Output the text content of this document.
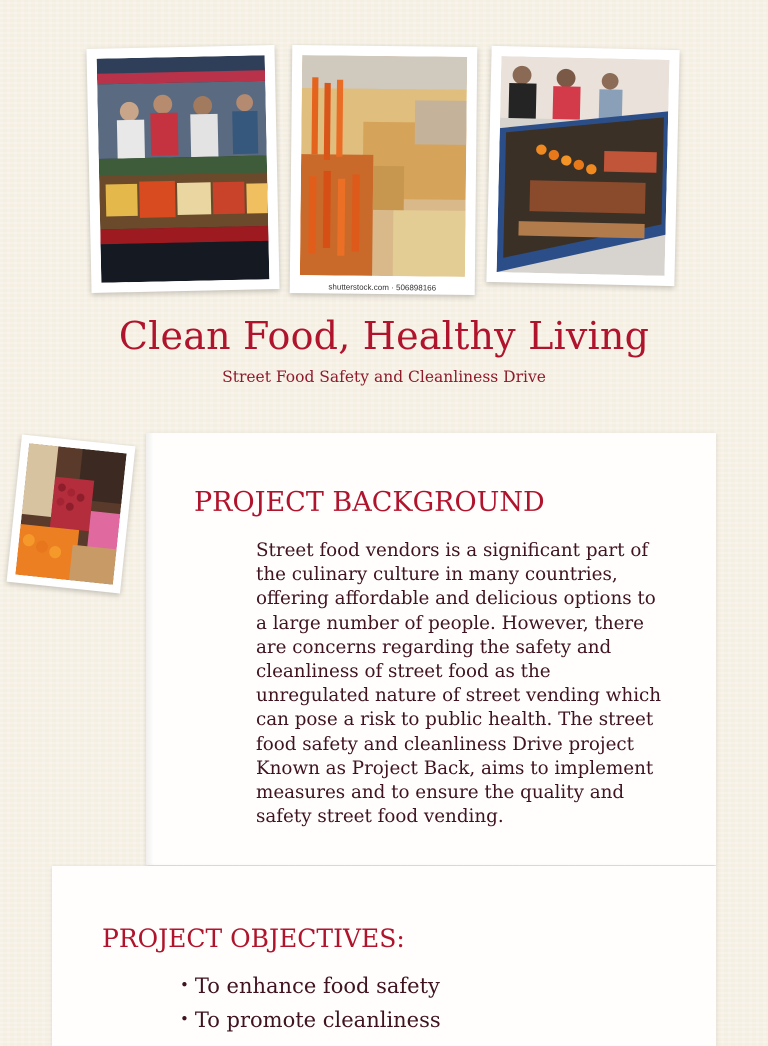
shutterstock.com · 506898166
Clean Food, Healthy Living
Street Food Safety and Cleanliness Drive
PROJECT BACKGROUND
Street food vendors is a significant part of the culinary culture in many countries, offering affordable and delicious options to a large number of people. However, there are concerns regarding the safety and cleanliness of street food as the unregulated nature of street vending which can pose a risk to public health. The street food safety and cleanliness Drive project Known as Project Back, aims to implement measures and to ensure the quality and safety street food vending.
PROJECT OBJECTIVES:
• To enhance food safety
• To promote cleanliness
